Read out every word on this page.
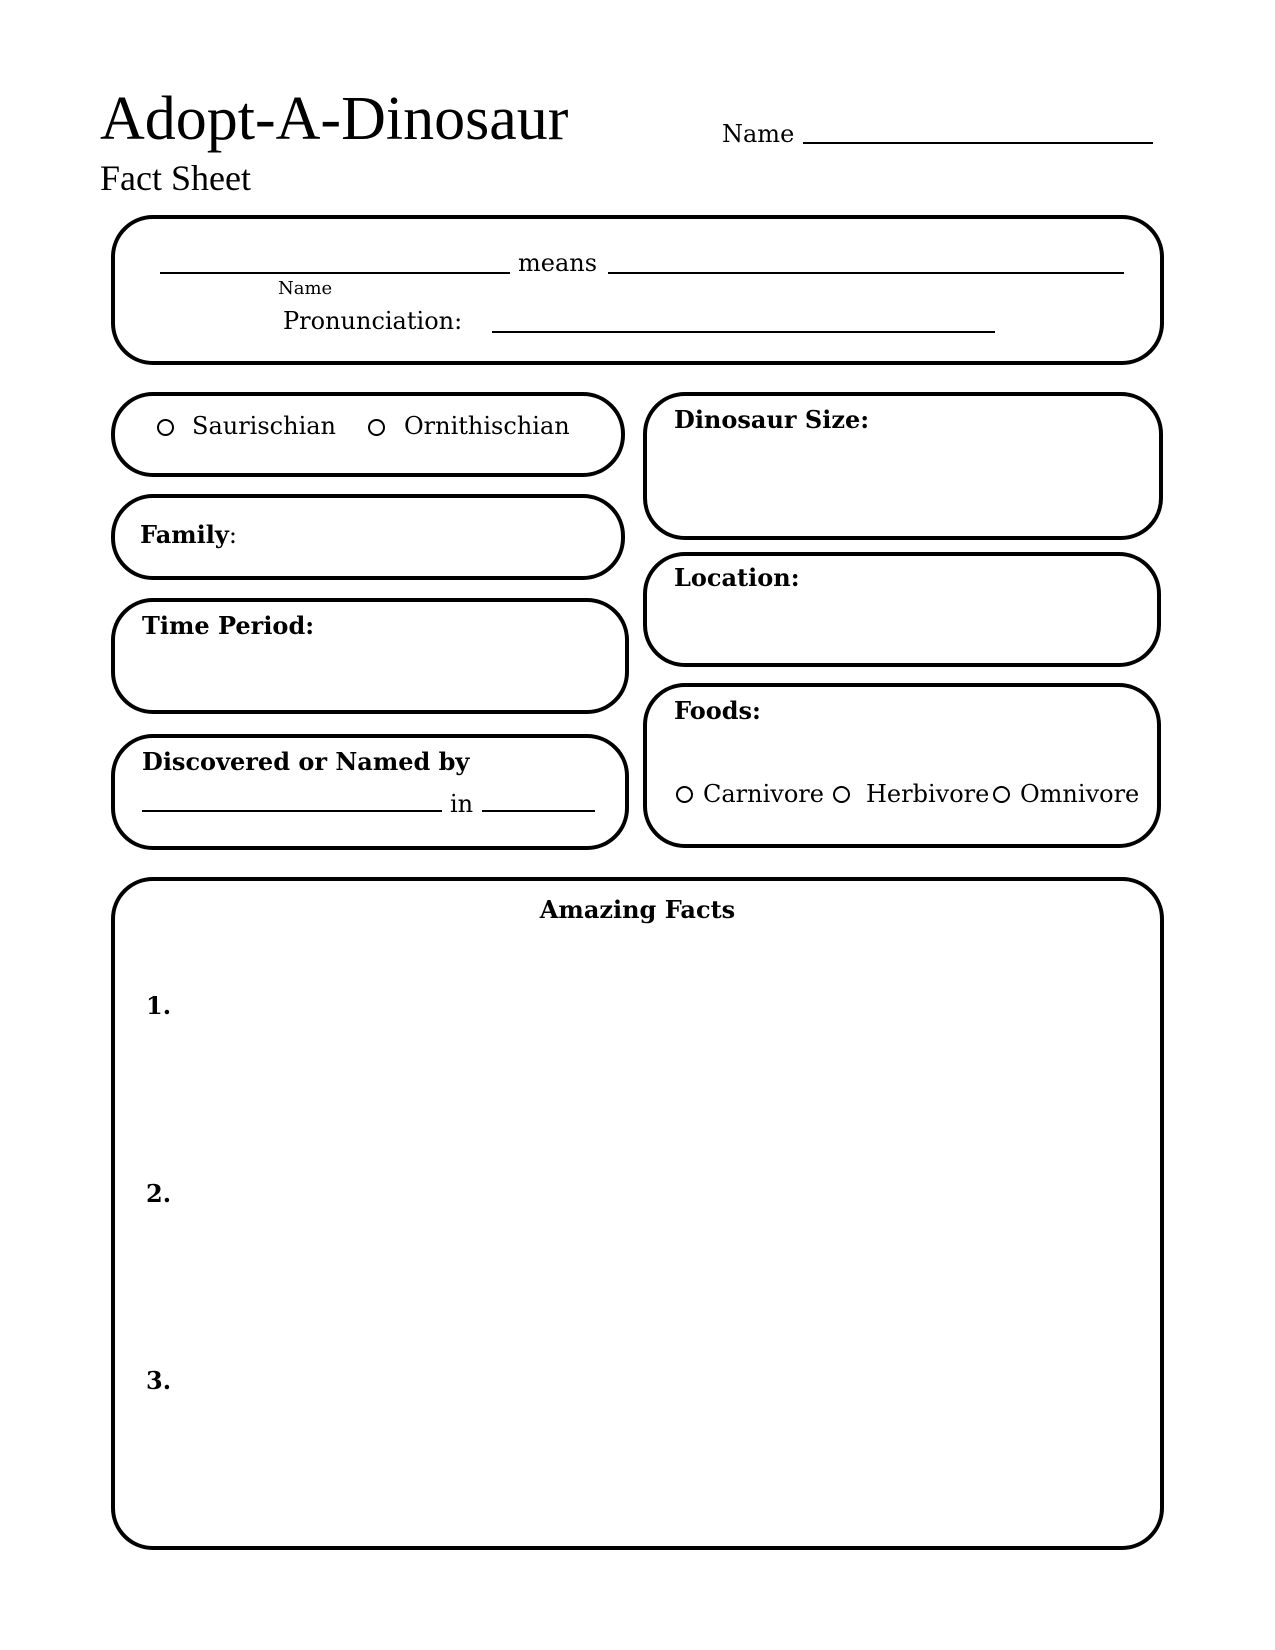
Adopt-A-Dinosaur
Fact Sheet
Name
means
Name
Pronunciation:
Saurischian	Ornithischian
Family:
Time Period:
Discovered or Named by
in
Dinosaur Size:
Location:
Foods:
Carnivore Herbivore Omnivore
Amazing Facts
1.
2.
3.
